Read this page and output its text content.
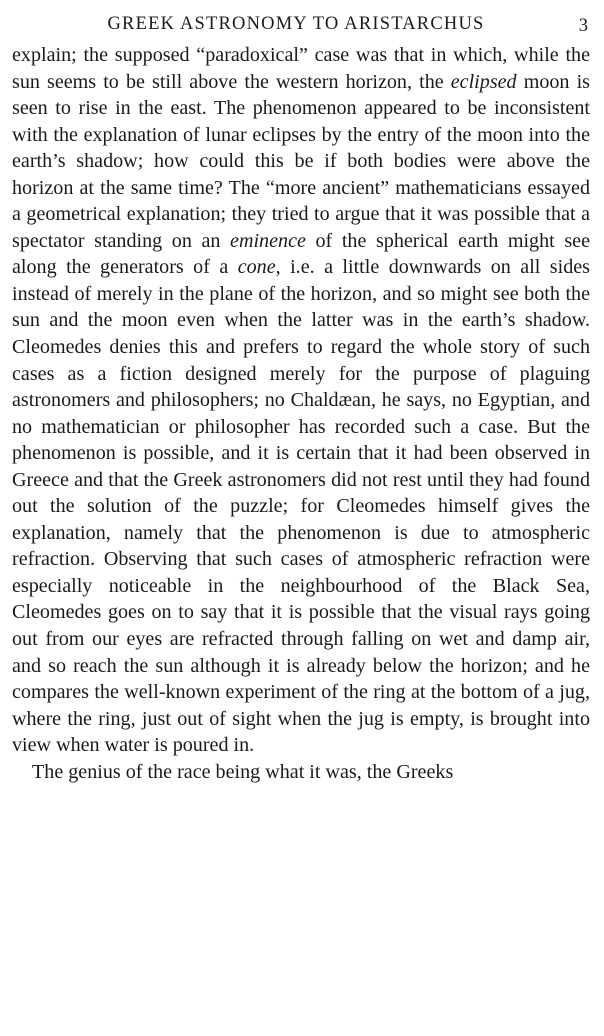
GREEK ASTRONOMY TO ARISTARCHUS	3

explain; the supposed “paradoxical” case was that in which, while the sun seems to be still above the western horizon, the eclipsed moon is seen to rise in the east. The phenomenon appeared to be inconsistent with the explanation of lunar eclipses by the entry of the moon into the earth’s shadow; how could this be if both bodies were above the horizon at the same time? The “more ancient” mathematicians essayed a geometrical explanation; they tried to argue that it was possible that a spectator standing on an eminence of the spherical earth might see along the generators of a cone, i.e. a little downwards on all sides instead of merely in the plane of the horizon, and so might see both the sun and the moon even when the latter was in the earth’s shadow. Cleomedes denies this and prefers to regard the whole story of such cases as a fiction designed merely for the purpose of plaguing astronomers and philosophers; no Chaldæan, he says, no Egyptian, and no mathematician or philosopher has recorded such a case. But the phenomenon is possible, and it is certain that it had been observed in Greece and that the Greek astronomers did not rest until they had found out the solution of the puzzle; for Cleomedes himself gives the explanation, namely that the phenomenon is due to atmospheric refraction. Observing that such cases of atmospheric refraction were especially noticeable in the neighbourhood of the Black Sea, Cleomedes goes on to say that it is possible that the visual rays going out from our eyes are refracted through falling on wet and damp air, and so reach the sun although it is already below the horizon; and he compares the well-known experiment of the ring at the bottom of a jug, where the ring, just out of sight when the jug is empty, is brought into view when water is poured in.

The genius of the race being what it was, the Greeks
